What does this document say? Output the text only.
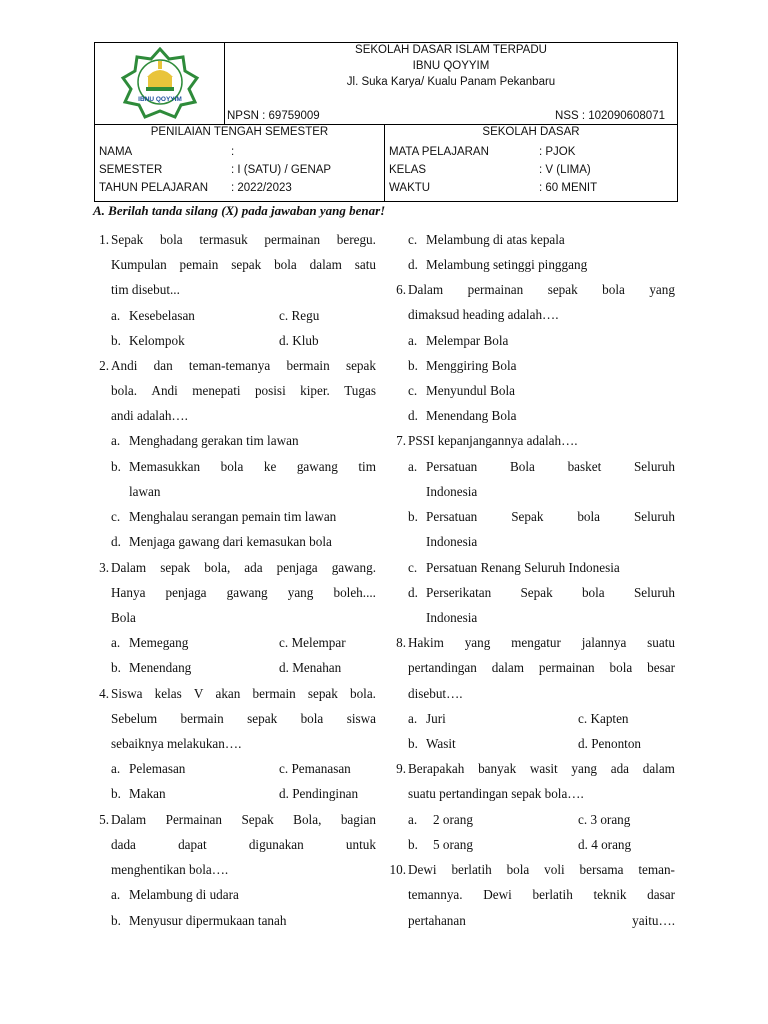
IBNU QOYYIM
SEKOLAH DASAR ISLAM TERPADU
IBNU QOYYIM
Jl. Suka Karya/ Kualu Panam Pekanbaru
NPSN : 69759009	NSS : 102090608071
PENILAIAN TENGAH SEMESTER
NAMA	:
SEMESTER	: I (SATU) / GENAP
TAHUN PELAJARAN : 2022/2023
SEKOLAH DASAR
MATA PELAJARAN	: PJOK
KELAS	: V (LIMA)
WAKTU	: 60 MENIT
A. Berilah tanda silang (X) pada jawaban yang benar!
1. Sepak bola termasuk permainan beregu.
Kumpulan pemain sepak bola dalam satu
tim disebut...
a. Kesebelasan	c. Regu
b. Kelompok	d. Klub
2. Andi dan teman-temanya bermain sepak
bola. Andi menepati posisi kiper. Tugas
andi adalah….
a. Menghadang gerakan tim lawan
b. Memasukkan bola ke gawang tim
lawan
c. Menghalau serangan pemain tim lawan
d. Menjaga gawang dari kemasukan bola
3. Dalam sepak bola, ada penjaga gawang.
Hanya penjaga gawang yang boleh....
Bola
a. Memegang	c. Melempar
b. Menendang	d. Menahan
4. Siswa kelas V akan bermain sepak bola.
Sebelum bermain sepak bola siswa
sebaiknya melakukan….
a. Pelemasan	c. Pemanasan
b. Makan	d. Pendinginan
5. Dalam Permainan Sepak Bola, bagian
dada	dapat	digunakan	untuk
menghentikan bola….
a. Melambung di udara
b. Menyusur dipermukaan tanah
c. Melambung di atas kepala
d. Melambung setinggi pinggang
6. Dalam permainan sepak bola yang
dimaksud heading adalah….
a. Melempar Bola
b. Menggiring Bola
c. Menyundul Bola
d. Menendang Bola
7. PSSI kepanjangannya adalah….
a. Persatuan Bola basket Seluruh
Indonesia
b. Persatuan	Sepak	bola	Seluruh
Indonesia
c. Persatuan Renang Seluruh Indonesia
d. Perserikatan Sepak bola Seluruh
Indonesia
8. Hakim yang mengatur jalannya suatu
pertandingan dalam permainan bola besar
disebut….
a. Juri	c. Kapten
b. Wasit	d. Penonton
9. Berapakah banyak wasit yang ada dalam
suatu pertandingan sepak bola….
a. 2 orang	c. 3 orang
b. 5 orang	d. 4 orang
10. Dewi berlatih bola voli bersama teman-
temannya. Dewi berlatih teknik dasar
pertahanan	yaitu….
